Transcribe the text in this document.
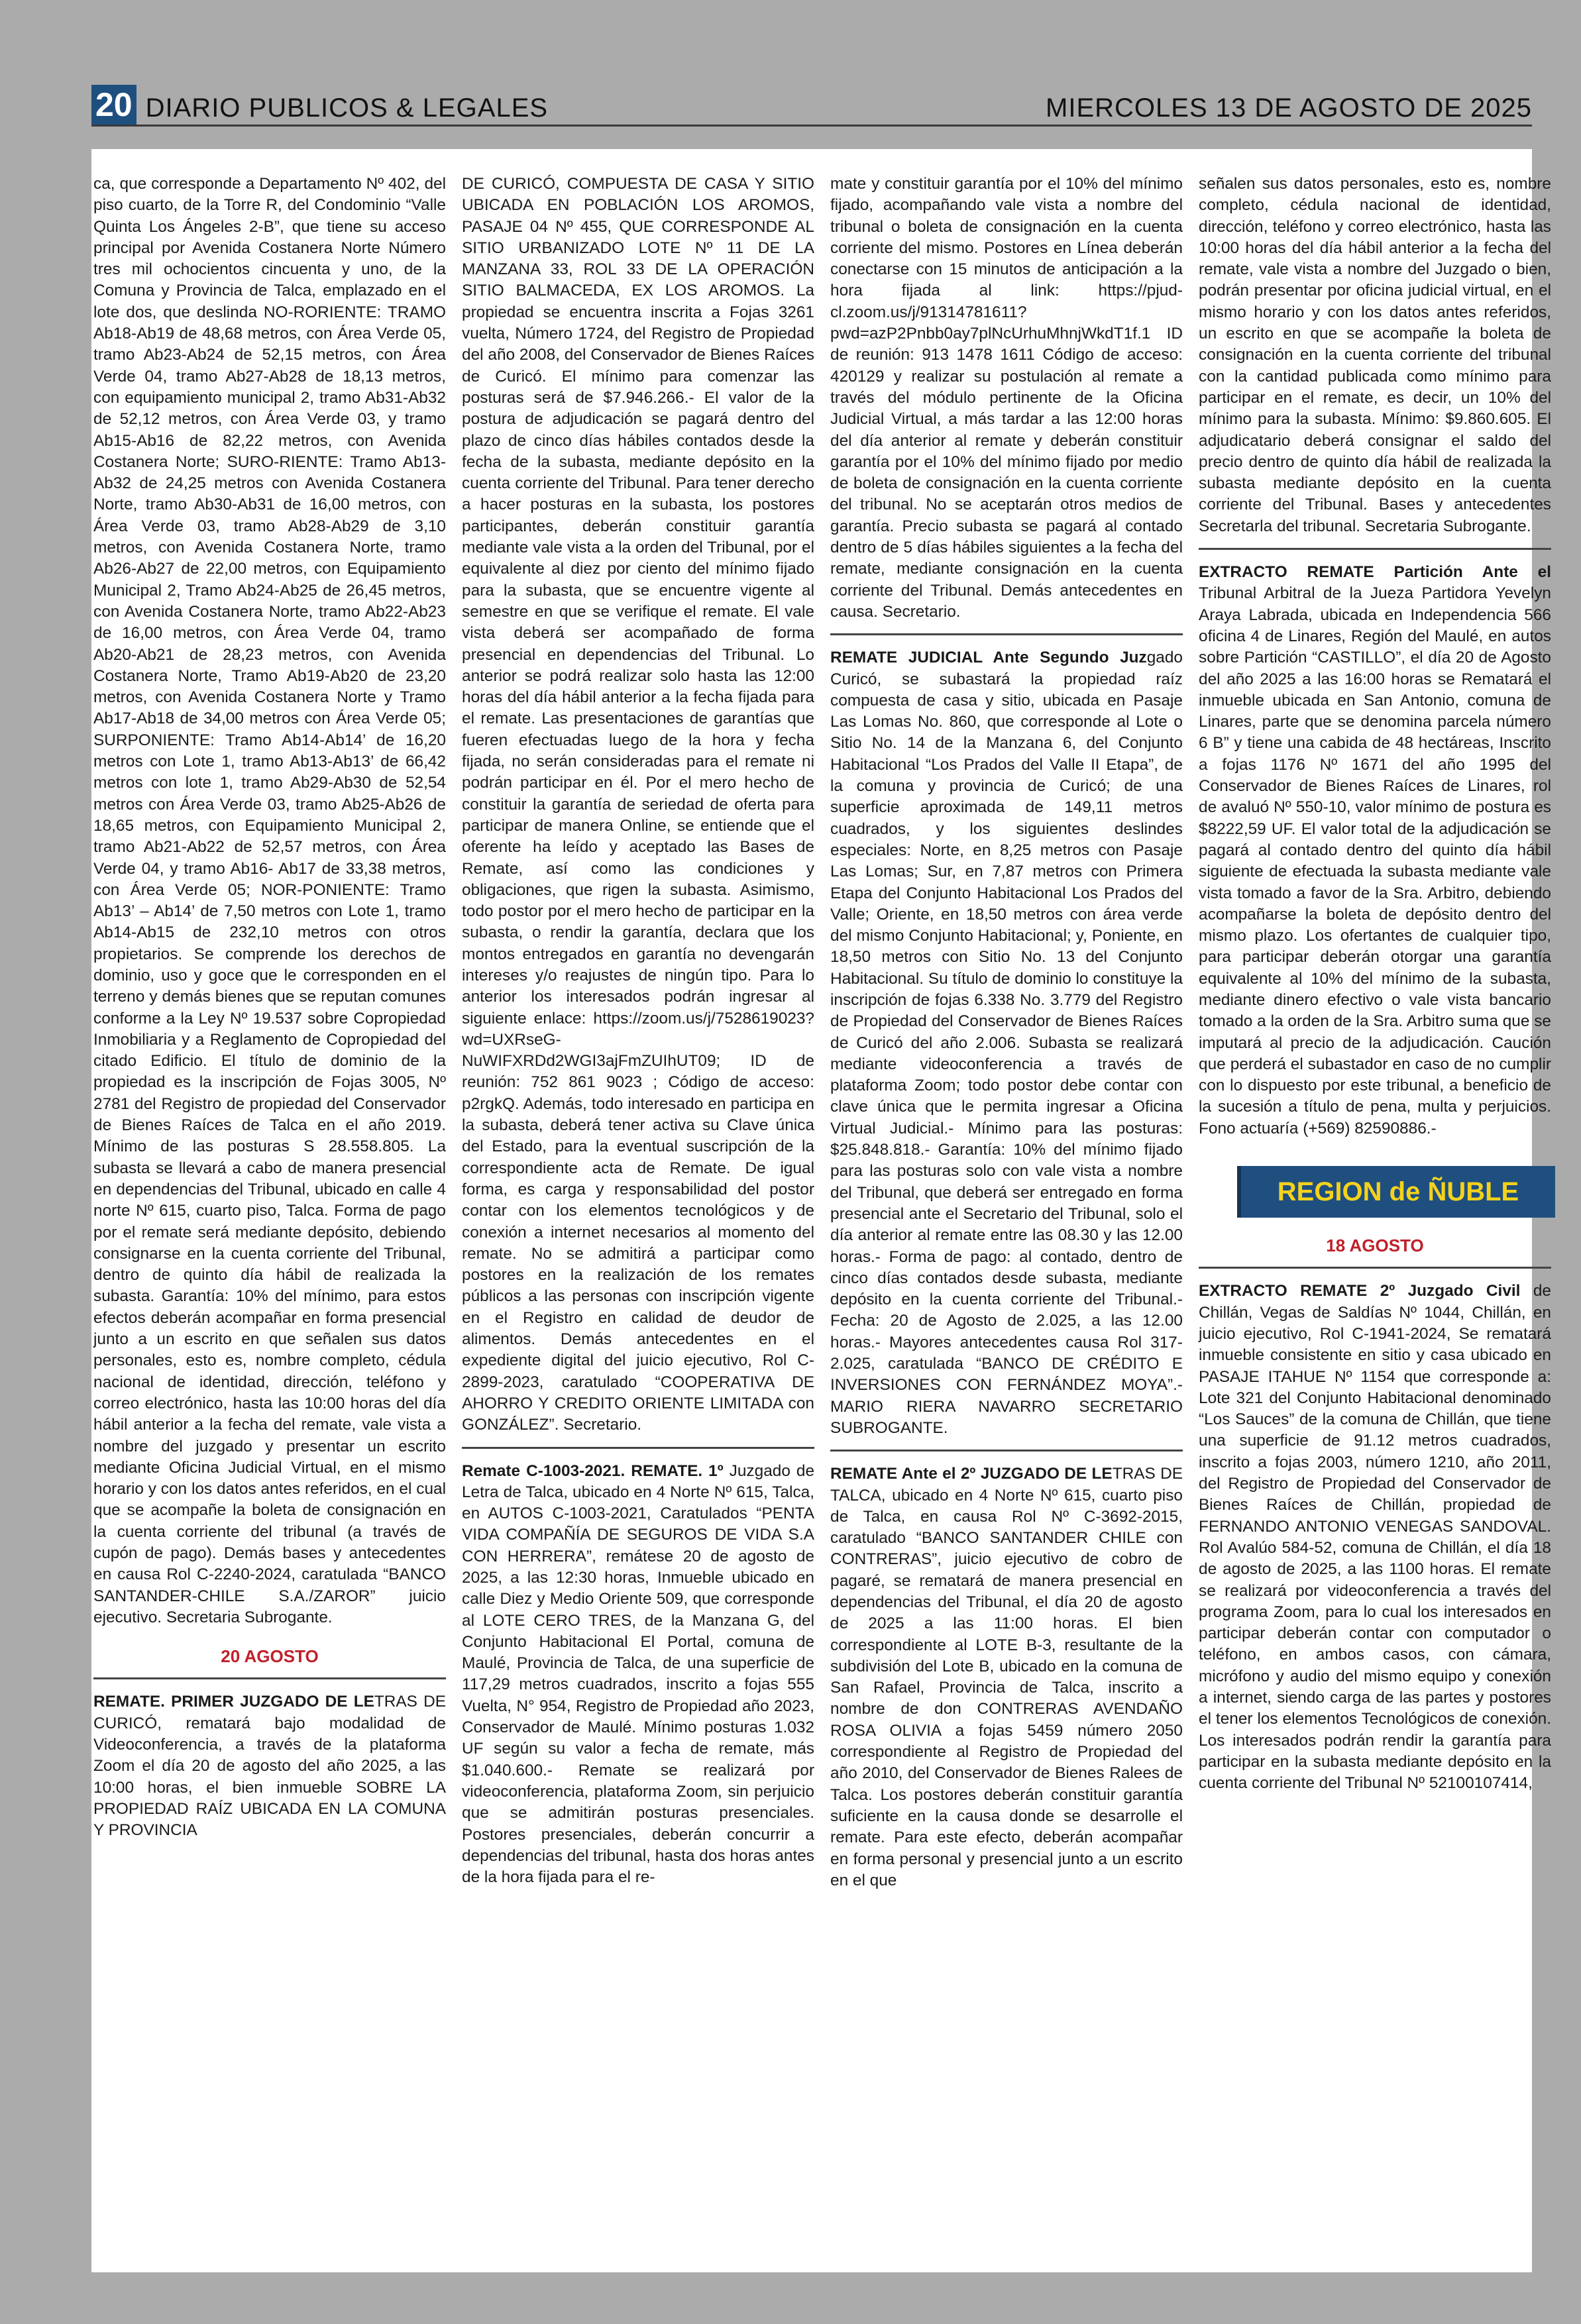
20 DIARIO PUBLICOS & LEGALES	MIERCOLES 13 DE AGOSTO DE 2025

ca, que corresponde a Departamento Nº 402, del piso cuarto, de la Torre R, del Condominio “Valle Quinta Los Ángeles 2-B”, que tiene su acceso principal por Avenida Costanera Norte Número tres mil ochocientos cincuenta y uno, de la Comuna y Provincia de Talca, emplazado en el lote dos, que deslinda NO-RORIENTE: TRAMO Ab18-Ab19 de 48,68 metros, con Área Verde 05, tramo Ab23-Ab24 de 52,15 metros, con Área Verde 04, tramo Ab27-Ab28 de 18,13 metros, con equipamiento municipal 2, tramo Ab31-Ab32 de 52,12 metros, con Área Verde 03, y tramo Ab15-Ab16 de 82,22 metros, con Avenida Costanera Norte; SURO-RIENTE: Tramo Ab13-Ab32 de 24,25 metros con Avenida Costanera Norte, tramo Ab30-Ab31 de 16,00 metros, con Área Verde 03, tramo Ab28-Ab29 de 3,10 metros, con Avenida Costanera Norte, tramo Ab26-Ab27 de 22,00 metros, con Equipamiento Municipal 2, Tramo Ab24-Ab25 de 26,45 metros, con Avenida Costanera Norte, tramo Ab22-Ab23 de 16,00 metros, con Área Verde 04, tramo Ab20-Ab21 de 28,23 metros, con Avenida Costanera Norte, Tramo Ab19-Ab20 de 23,20 metros, con Avenida Costanera Norte y Tramo Ab17-Ab18 de 34,00 metros con Área Verde 05; SURPONIENTE: Tramo Ab14-Ab14’ de 16,20 metros con Lote 1, tramo Ab13-Ab13’ de 66,42 metros con lote 1, tramo Ab29-Ab30 de 52,54 metros con Área Verde 03, tramo Ab25-Ab26 de 18,65 metros, con Equipamiento Municipal 2, tramo Ab21-Ab22 de 52,57 metros, con Área Verde 04, y tramo Ab16- Ab17 de 33,38 metros, con Área Verde 05; NOR-PONIENTE: Tramo Ab13’ – Ab14’ de 7,50 metros con Lote 1, tramo Ab14-Ab15 de 232,10 metros con otros propietarios. Se comprende los derechos de dominio, uso y goce que le corresponden en el terreno y demás bienes que se reputan comunes conforme a la Ley Nº 19.537 sobre Copropiedad Inmobiliaria y a Reglamento de Copropiedad del citado Edificio. El título de dominio de la propiedad es la inscripción de Fojas 3005, Nº 2781 del Registro de propiedad del Conservador de Bienes Raíces de Talca en el año 2019. Mínimo de las posturas S 28.558.805. La subasta se llevará a cabo de manera presencial en dependencias del Tribunal, ubicado en calle 4 norte Nº 615, cuarto piso, Talca. Forma de pago por el remate será mediante depósito, debiendo consignarse en la cuenta corriente del Tribunal, dentro de quinto día hábil de realizada la subasta. Garantía: 10% del mínimo, para estos efectos deberán acompañar en forma presencial junto a un escrito en que señalen sus datos personales, esto es, nombre completo, cédula nacional de identidad, dirección, teléfono y correo electrónico, hasta las 10:00 horas del día hábil anterior a la fecha del remate, vale vista a nombre del juzgado y presentar un escrito mediante Oficina Judicial Virtual, en el mismo horario y con los datos antes referidos, en el cual que se acompañe la boleta de consignación en la cuenta corriente del tribunal (a través de cupón de pago). Demás bases y antecedentes en causa Rol C-2240-2024, caratulada “BANCO SANTANDER-CHILE S.A./ZAROR” juicio ejecutivo. Secretaria Subrogante.

20 AGOSTO

REMATE. PRIMER JUZGADO DE LETRAS DE CURICÓ, rematará bajo modalidad de Videoconferencia, a través de la plataforma Zoom el día 20 de agosto del año 2025, a las 10:00 horas, el bien inmueble SOBRE LA PROPIEDAD RAÍZ UBICADA EN LA COMUNA Y PROVINCIA

DE CURICÓ, COMPUESTA DE CASA Y SITIO UBICADA EN POBLACIÓN LOS AROMOS, PASAJE 04 Nº 455, QUE CORRESPONDE AL SITIO URBANIZADO LOTE Nº 11 DE LA MANZANA 33, ROL 33 DE LA OPERACIÓN SITIO BALMACEDA, EX LOS AROMOS. La propiedad se encuentra inscrita a Fojas 3261 vuelta, Número 1724, del Registro de Propiedad del año 2008, del Conservador de Bienes Raíces de Curicó. El mínimo para comenzar las posturas será de $7.946.266.- El valor de la postura de adjudicación se pagará dentro del plazo de cinco días hábiles contados desde la fecha de la subasta, mediante depósito en la cuenta corriente del Tribunal. Para tener derecho a hacer posturas en la subasta, los postores participantes, deberán constituir garantía mediante vale vista a la orden del Tribunal, por el equivalente al diez por ciento del mínimo fijado para la subasta, que se encuentre vigente al semestre en que se verifique el remate. El vale vista deberá ser acompañado de forma presencial en dependencias del Tribunal. Lo anterior se podrá realizar solo hasta las 12:00 horas del día hábil anterior a la fecha fijada para el remate. Las presentaciones de garantías que fueren efectuadas luego de la hora y fecha fijada, no serán consideradas para el remate ni podrán participar en él. Por el mero hecho de constituir la garantía de seriedad de oferta para participar de manera Online, se entiende que el oferente ha leído y aceptado las Bases de Remate, así como las condiciones y obligaciones, que rigen la subasta. Asimismo, todo postor por el mero hecho de participar en la subasta, o rendir la garantía, declara que los montos entregados en garantía no devengarán intereses y/o reajustes de ningún tipo. Para lo anterior los interesados podrán ingresar al siguiente enlace: https://zoom.us/j/7528619023?wd=UXRseG-NuWIFXRDd2WGI3ajFmZUIhUT09; ID de reunión: 752 861 9023 ; Código de acceso: p2rgkQ. Además, todo interesado en participa en la subasta, deberá tener activa su Clave única del Estado, para la eventual suscripción de la correspondiente acta de Remate. De igual forma, es carga y responsabilidad del postor contar con los elementos tecnológicos y de conexión a internet necesarios al momento del remate. No se admitirá a participar como postores en la realización de los remates públicos a las personas con inscripción vigente en el Registro en calidad de deudor de alimentos. Demás antecedentes en el expediente digital del juicio ejecutivo, Rol C-2899-2023, caratulado “COOPERATIVA DE AHORRO Y CREDITO ORIENTE LIMITADA con GONZÁLEZ”. Secretario.

Remate C-1003-2021. REMATE. 1º Juzgado de Letra de Talca, ubicado en 4 Norte Nº 615, Talca, en AUTOS C-1003-2021, Caratulados “PENTA VIDA COMPAÑÍA DE SEGUROS DE VIDA S.A CON HERRERA”, remátese 20 de agosto de 2025, a las 12:30 horas, Inmueble ubicado en calle Diez y Medio Oriente 509, que corresponde al LOTE CERO TRES, de la Manzana G, del Conjunto Habitacional El Portal, comuna de Maulé, Provincia de Talca, de una superficie de 117,29 metros cuadrados, inscrito a fojas 555 Vuelta, N° 954, Registro de Propiedad año 2023, Conservador de Maulé. Mínimo posturas 1.032 UF según su valor a fecha de remate, más $1.040.600.- Remate se realizará por videoconferencia, plataforma Zoom, sin perjuicio que se admitirán posturas presenciales. Postores presenciales, deberán concurrir a dependencias del tribunal, hasta dos horas antes de la hora fijada para el re-

mate y constituir garantía por el 10% del mínimo fijado, acompañando vale vista a nombre del tribunal o boleta de consignación en la cuenta corriente del mismo. Postores en Línea deberán conectarse con 15 minutos de anticipación a la hora fijada al link: https://pjud-cl.zoom.us/j/91314781611?pwd=azP2Pnbb0ay7plNcUrhuMhnjWkdT1f.1 ID de reunión: 913 1478 1611 Código de acceso: 420129 y realizar su postulación al remate a través del módulo pertinente de la Oficina Judicial Virtual, a más tardar a las 12:00 horas del día anterior al remate y deberán constituir garantía por el 10% del mínimo fijado por medio de boleta de consignación en la cuenta corriente del tribunal. No se aceptarán otros medios de garantía. Precio subasta se pagará al contado dentro de 5 días hábiles siguientes a la fecha del remate, mediante consignación en la cuenta corriente del Tribunal. Demás antecedentes en causa. Secretario.

REMATE JUDICIAL Ante Segundo Juzgado Curicó, se subastará la propiedad raíz compuesta de casa y sitio, ubicada en Pasaje Las Lomas No. 860, que corresponde al Lote o Sitio No. 14 de la Manzana 6, del Conjunto Habitacional “Los Prados del Valle II Etapa”, de la comuna y provincia de Curicó; de una superficie aproximada de 149,11 metros cuadrados, y los siguientes deslindes especiales: Norte, en 8,25 metros con Pasaje Las Lomas; Sur, en 7,87 metros con Primera Etapa del Conjunto Habitacional Los Prados del Valle; Oriente, en 18,50 metros con área verde del mismo Conjunto Habitacional; y, Poniente, en 18,50 metros con Sitio No. 13 del Conjunto Habitacional. Su título de dominio lo constituye la inscripción de fojas 6.338 No. 3.779 del Registro de Propiedad del Conservador de Bienes Raíces de Curicó del año 2.006. Subasta se realizará mediante videoconferencia a través de plataforma Zoom; todo postor debe contar con clave única que le permita ingresar a Oficina Virtual Judicial.- Mínimo para las posturas: $25.848.818.- Garantía: 10% del mínimo fijado para las posturas solo con vale vista a nombre del Tribunal, que deberá ser entregado en forma presencial ante el Secretario del Tribunal, solo el día anterior al remate entre las 08.30 y las 12.00 horas.- Forma de pago: al contado, dentro de cinco días contados desde subasta, mediante depósito en la cuenta corriente del Tribunal.-Fecha: 20 de Agosto de 2.025, a las 12.00 horas.- Mayores antecedentes causa Rol 317-2.025, caratulada “BANCO DE CRÉDITO E INVERSIONES CON FERNÁNDEZ MOYA”.- MARIO RIERA NAVARRO SECRETARIO SUBROGANTE.

REMATE Ante el 2º JUZGADO DE LETRAS DE TALCA, ubicado en 4 Norte Nº 615, cuarto piso de Talca, en causa Rol Nº C-3692-2015, caratulado “BANCO SANTANDER CHILE con CONTRERAS”, juicio ejecutivo de cobro de pagaré, se rematará de manera presencial en dependencias del Tribunal, el día 20 de agosto de 2025 a las 11:00 horas. El bien correspondiente al LOTE B-3, resultante de la subdivisión del Lote B, ubicado en la comuna de San Rafael, Provincia de Talca, inscrito a nombre de don CONTRERAS AVENDAÑO ROSA OLIVIA a fojas 5459 número 2050 correspondiente al Registro de Propiedad del año 2010, del Conservador de Bienes Ralees de Talca. Los postores deberán constituir garantía suficiente en la causa donde se desarrolle el remate. Para este efecto, deberán acompañar en forma personal y presencial junto a un escrito en el que

señalen sus datos personales, esto es, nombre completo, cédula nacional de identidad, dirección, teléfono y correo electrónico, hasta las 10:00 horas del día hábil anterior a la fecha del remate, vale vista a nombre del Juzgado o bien, podrán presentar por oficina judicial virtual, en el mismo horario y con los datos antes referidos, un escrito en que se acompañe la boleta de consignación en la cuenta corriente del tribunal con la cantidad publicada como mínimo para participar en el remate, es decir, un 10% del mínimo para la subasta. Mínimo: $9.860.605. El adjudicatario deberá consignar el saldo del precio dentro de quinto día hábil de realizada la subasta mediante depósito en la cuenta corriente del Tribunal. Bases y antecedentes Secretarla del tribunal. Secretaria Subrogante.

EXTRACTO REMATE Partición Ante el Tribunal Arbitral de la Jueza Partidora Yevelyn Araya Labrada, ubicada en Independencia 566 oficina 4 de Linares, Región del Maulé, en autos sobre Partición “CASTILLO”, el día 20 de Agosto del año 2025 a las 16:00 horas se Rematará el inmueble ubicada en San Antonio, comuna de Linares, parte que se denomina parcela número 6 B” y tiene una cabida de 48 hectáreas, Inscrito a fojas 1176 Nº 1671 del año 1995 del Conservador de Bienes Raíces de Linares, rol de avaluó Nº 550-10, valor mínimo de postura es $8222,59 UF. El valor total de la adjudicación se pagará al contado dentro del quinto día hábil siguiente de efectuada la subasta mediante vale vista tomado a favor de la Sra. Arbitro, debiendo acompañarse la boleta de depósito dentro del mismo plazo. Los ofertantes de cualquier tipo, para participar deberán otorgar una garantía equivalente al 10% del mínimo de la subasta, mediante dinero efectivo o vale vista bancario tomado a la orden de la Sra. Arbitro suma que se imputará al precio de la adjudicación. Caución que perderá el subastador en caso de no cumplir con lo dispuesto por este tribunal, a beneficio de la sucesión a título de pena, multa y perjuicios. Fono actuaría (+569) 82590886.-

REGION de ÑUBLE
18 AGOSTO

EXTRACTO REMATE 2º Juzgado Civil de Chillán, Vegas de Saldías Nº 1044, Chillán, en juicio ejecutivo, Rol C-1941-2024, Se rematará inmueble consistente en sitio y casa ubicado en PASAJE ITAHUE Nº 1154 que corresponde a: Lote 321 del Conjunto Habitacional denominado “Los Sauces” de la comuna de Chillán, que tiene una superficie de 91.12 metros cuadrados, inscrito a fojas 2003, número 1210, año 2011, del Registro de Propiedad del Conservador de Bienes Raíces de Chillán, propiedad de FERNANDO ANTONIO VENEGAS SANDOVAL. Rol Avalúo 584-52, comuna de Chillán, el día 18 de agosto de 2025, a las 1100 horas. El remate se realizará por videoconferencia a través del programa Zoom, para lo cual los interesados en participar deberán contar con computador o teléfono, en ambos casos, con cámara, micrófono y audio del mismo equipo y conexión a internet, siendo carga de las partes y postores el tener los elementos Tecnológicos de conexión. Los interesados podrán rendir la garantía para participar en la subasta mediante depósito en la cuenta corriente del Tribunal Nº 52100107414,
